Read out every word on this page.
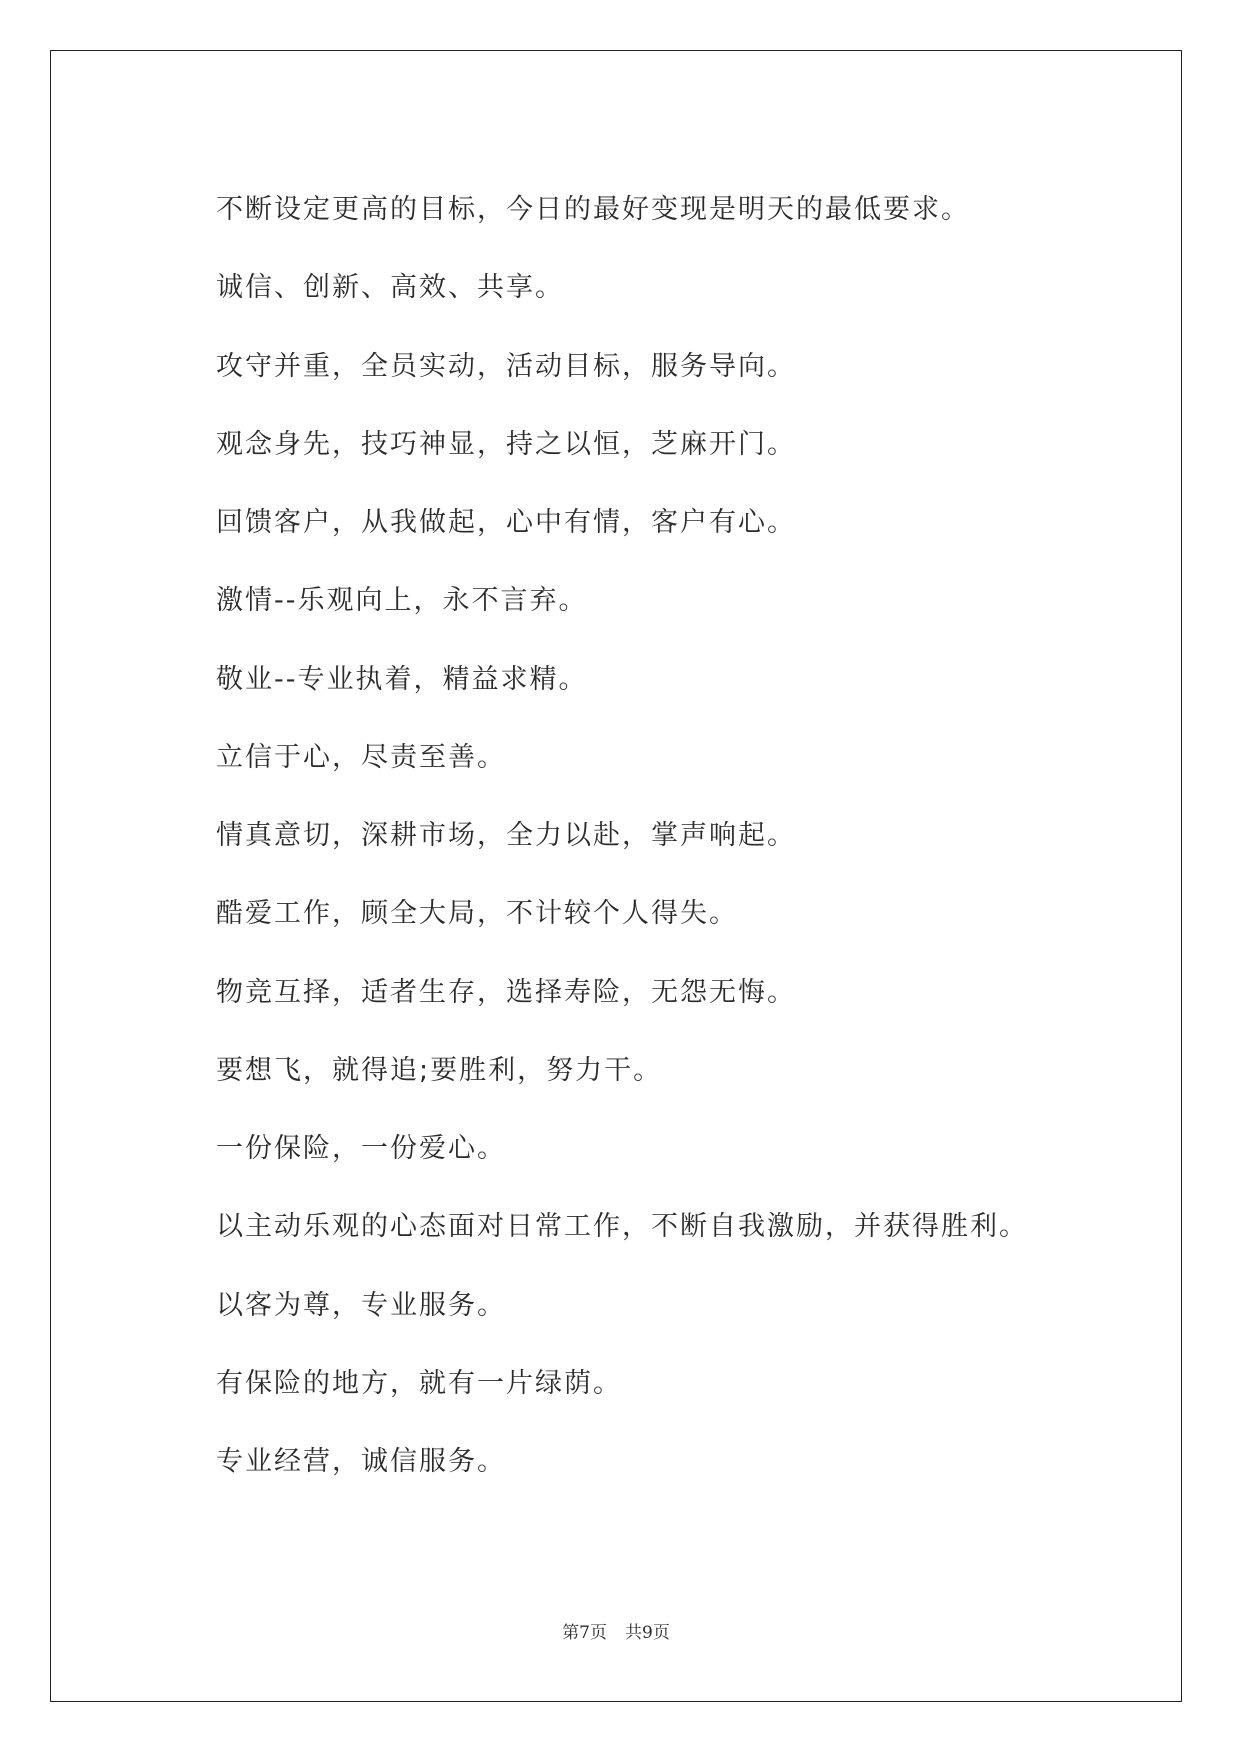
不断设定更高的目标，今日的最好变现是明天的最低要求。
诚信、创新、高效、共享。
攻守并重，全员实动，活动目标，服务导向。
观念身先，技巧神显，持之以恒，芝麻开门。
回馈客户，从我做起，心中有情，客户有心。
激情--乐观向上，永不言弃。
敬业--专业执着，精益求精。
立信于心，尽责至善。
情真意切，深耕市场，全力以赴，掌声响起。
酷爱工作，顾全大局，不计较个人得失。
物竞互择，适者生存，选择寿险，无怨无悔。
要想飞，就得追;要胜利，努力干。
一份保险，一份爱心。
以主动乐观的心态面对日常工作，不断自我激励，并获得胜利。
以客为尊，专业服务。
有保险的地方，就有一片绿荫。
专业经营，诚信服务。
第7页 共9页
